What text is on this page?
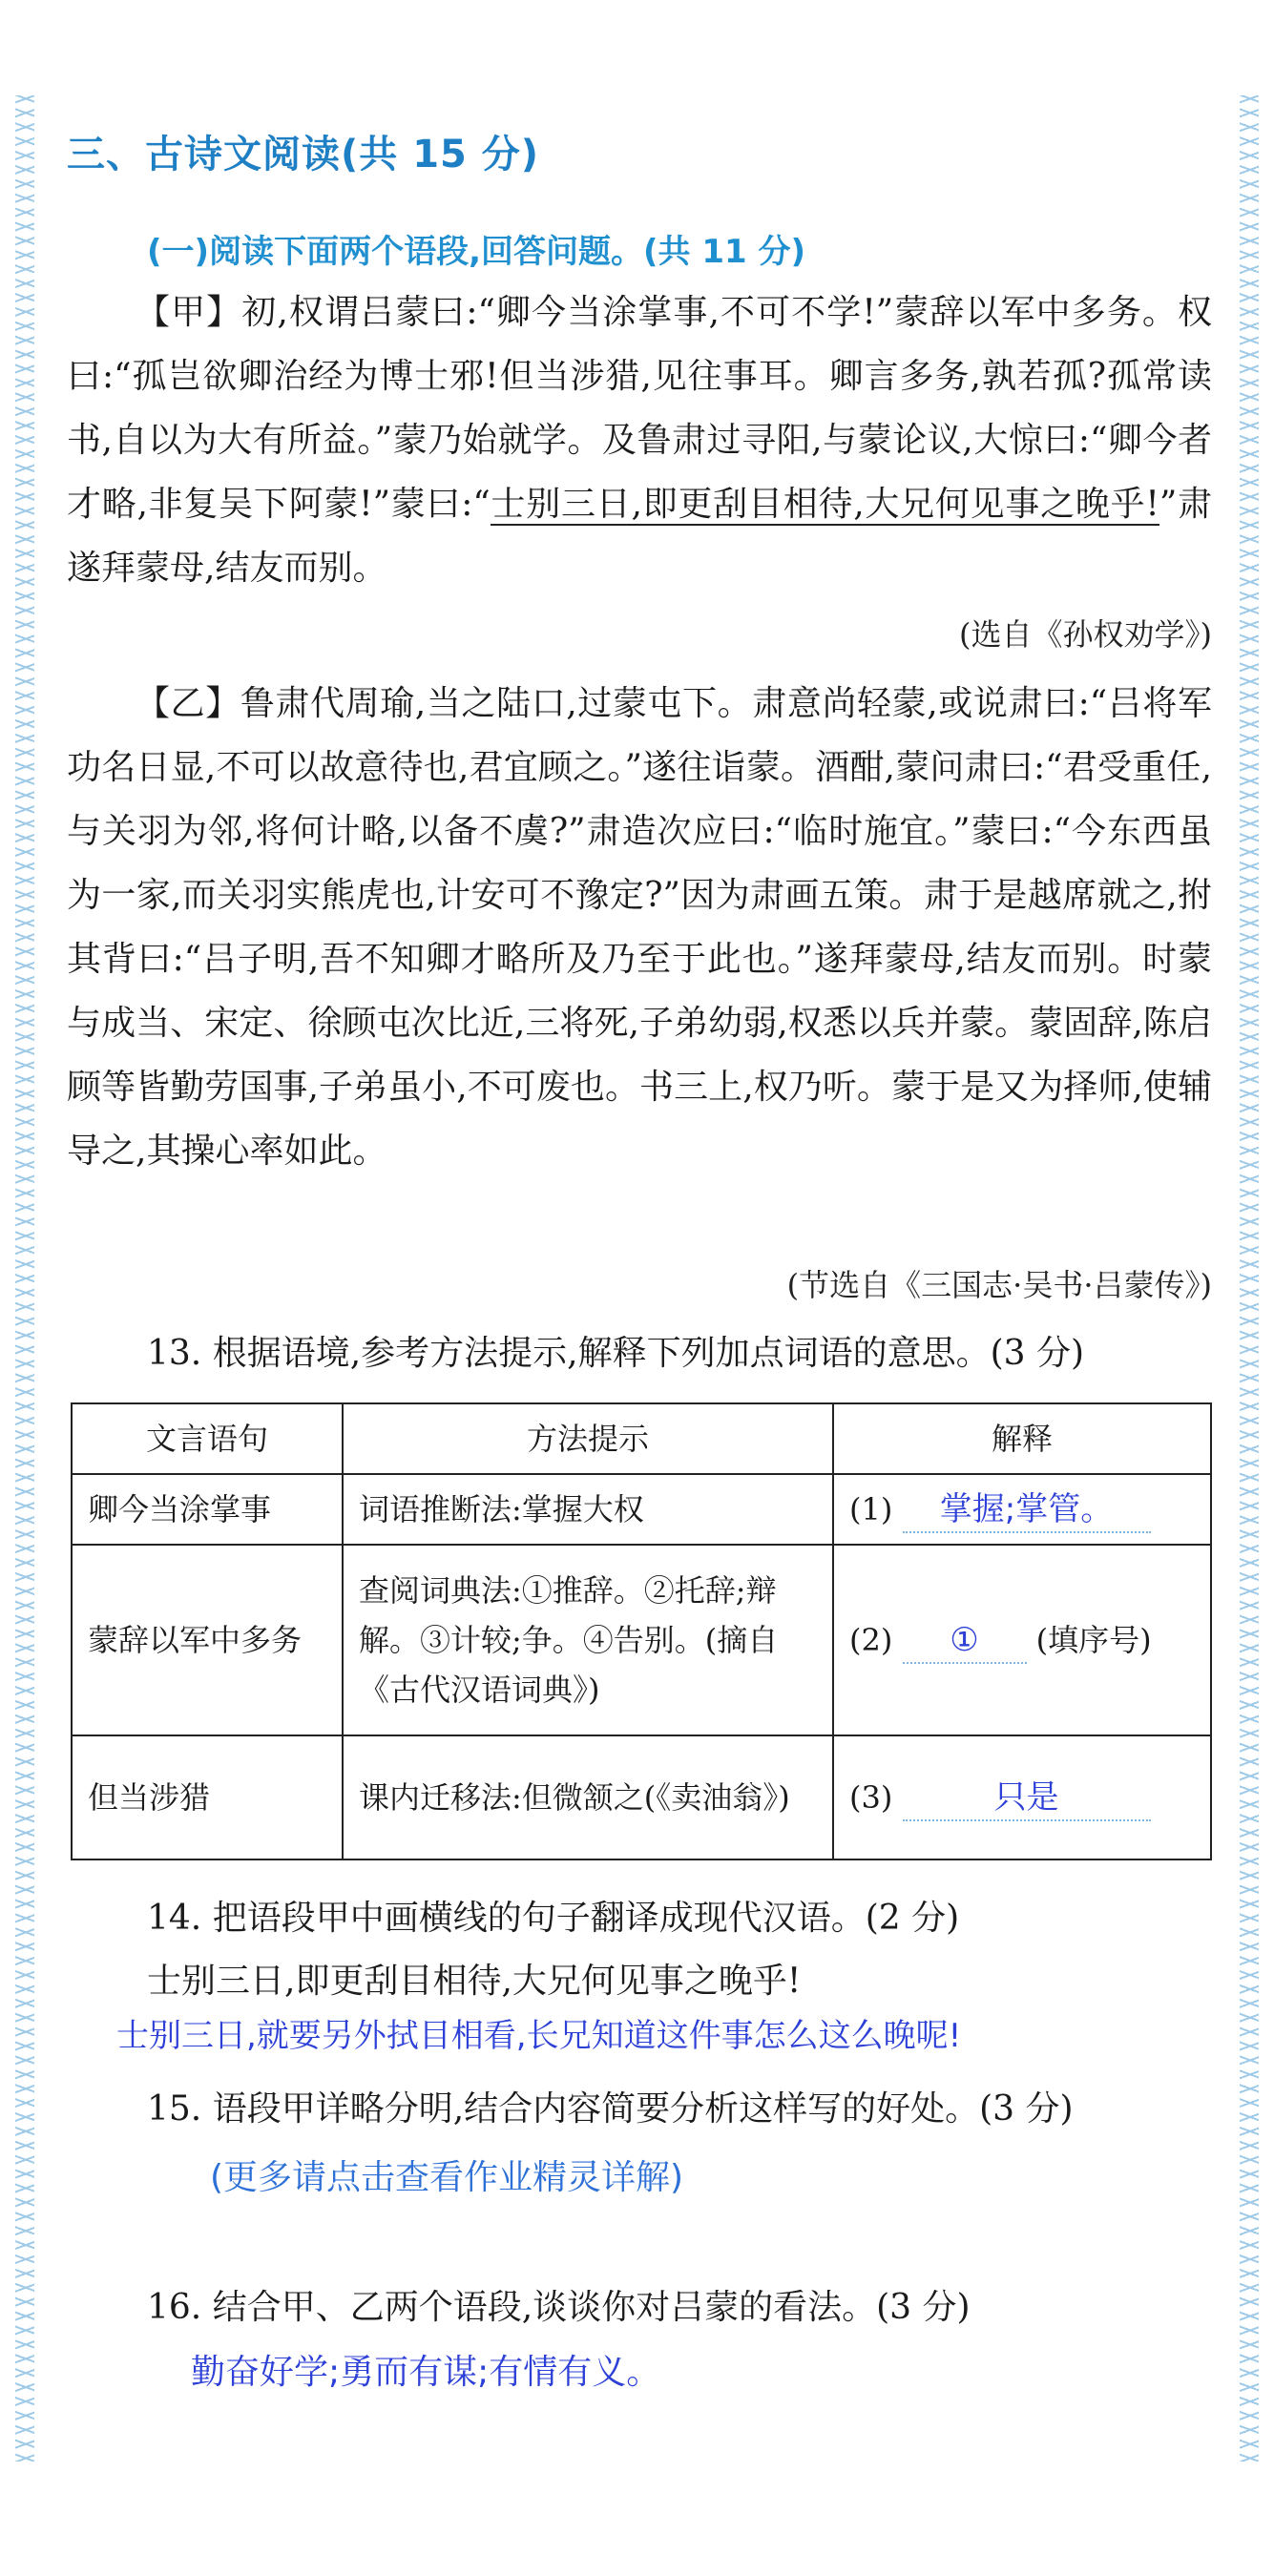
三、古诗文阅读(共 15 分)
(一)阅读下面两个语段,回答问题。(共 11 分)
【甲】初,权谓吕蒙曰:“卿今当涂掌事,不可不学!”蒙辞以军中多务。权曰:“孤岂欲卿治经为博士邪!但当涉猎,见往事耳。卿言多务,孰若孤?孤常读书,自以为大有所益。”蒙乃始就学。及鲁肃过寻阳,与蒙论议,大惊曰:“卿今者才略,非复吴下阿蒙!”蒙曰:“士别三日,即更刮目相待,大兄何见事之晚乎!”肃遂拜蒙母,结友而别。
(选自《孙权劝学》)
【乙】鲁肃代周瑜,当之陆口,过蒙屯下。肃意尚轻蒙,或说肃曰:“吕将军功名日显,不可以故意待也,君宜顾之。”遂往诣蒙。酒酣,蒙问肃曰:“君受重任,与关羽为邻,将何计略,以备不虞?”肃造次应曰:“临时施宜。”蒙曰:“今东西虽为一家,而关羽实熊虎也,计安可不豫定?”因为肃画五策。肃于是越席就之,拊其背曰:“吕子明,吾不知卿才略所及乃至于此也。”遂拜蒙母,结友而别。时蒙与成当、宋定、徐顾屯次比近,三将死,子弟幼弱,权悉以兵并蒙。蒙固辞,陈启顾等皆勤劳国事,子弟虽小,不可废也。书三上,权乃听。蒙于是又为择师,使辅导之,其操心率如此。
(节选自《三国志·吴书·吕蒙传》)
13. 根据语境,参考方法提示,解释下列加点词语的意思。(3 分)
文言语句	方法提示	解释
卿今当涂掌事	词语推断法:掌握大权	(1) 掌握;掌管。
蒙辞以军中多务	查阅词典法:①推辞。②托辞;辩解。③计较;争。④告别。(摘自《古代汉语词典》)	(2) ① (填序号)
但当涉猎	课内迁移法:但微颔之(《卖油翁》)	(3) 只是
14. 把语段甲中画横线的句子翻译成现代汉语。(2 分)
士别三日,即更刮目相待,大兄何见事之晚乎!
士别三日,就要另外拭目相看,长兄知道这件事怎么这么晚呢!
15. 语段甲详略分明,结合内容简要分析这样写的好处。(3 分)
(更多请点击查看作业精灵详解)
16. 结合甲、乙两个语段,谈谈你对吕蒙的看法。(3 分)
勤奋好学;勇而有谋;有情有义。
